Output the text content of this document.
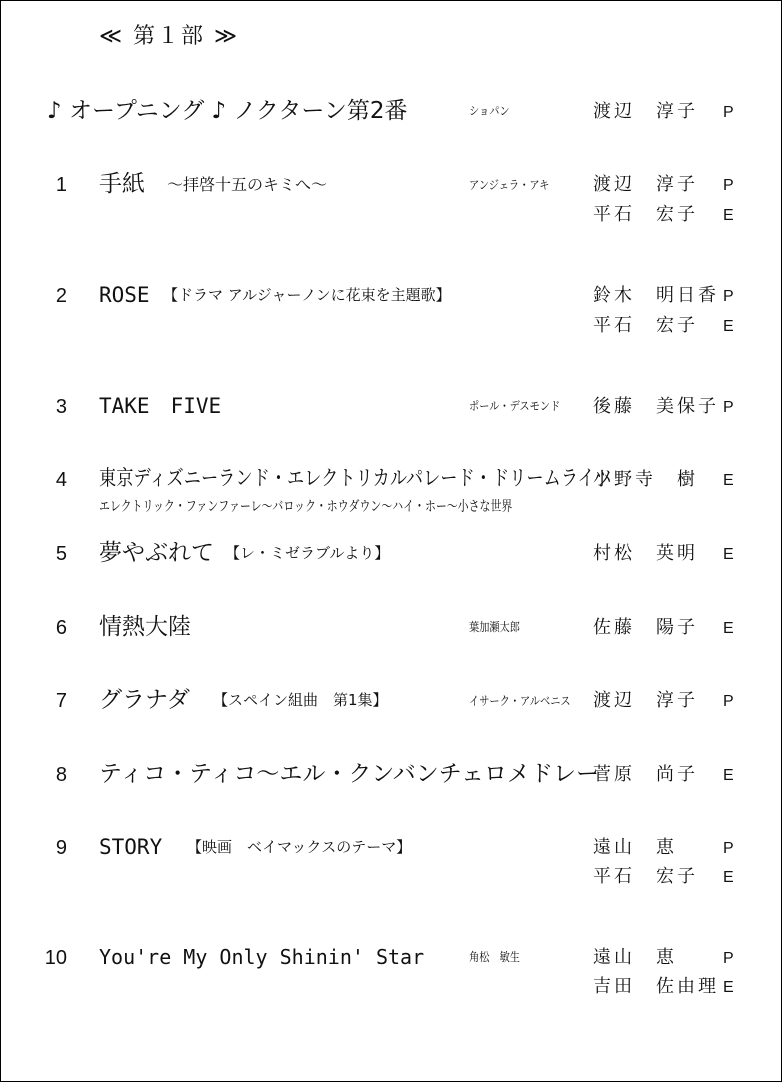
≪ 第１部 ≫
♪ オープニング ♪ ノクターン第2番	ショパン	渡辺　淳子 P
1 手紙 ～拝啓十五のキミへ～	アンジェラ・アキ 渡辺　淳子 P
平石　宏子 E
2 ROSE 【ドラマ アルジャーノンに花束を主題歌】	鈴木　明日香 P
平石　宏子 E
3 TAKE　FIVE	ポール・デスモンド 後藤　美保子 P
4 東京ディズニーランド・エレクトリカルパレード・ドリームライツ
エレクトリック・ファンファーレ～バロック・ホウダウン～ハイ・ホー～小さな世界
小野寺　樹 E
5 夢やぶれて 【レ・ミゼラブルより】	村松　英明 E
6 情熱大陸	葉加瀬太郎	佐藤　陽子 E
7 グラナダ 【スペイン組曲　第1集】	イサーク・アルベニス 渡辺　淳子 P
8 ティコ・ティコ～エル・クンバンチェロメドレー
菅原　尚子 E
9 STORY 【映画　ベイマックスのテーマ】	遠山　恵	P
平石　宏子 E
10 You're My Only Shinin' Star	角松　敏生	遠山　恵	P
吉田　佐由理 E
